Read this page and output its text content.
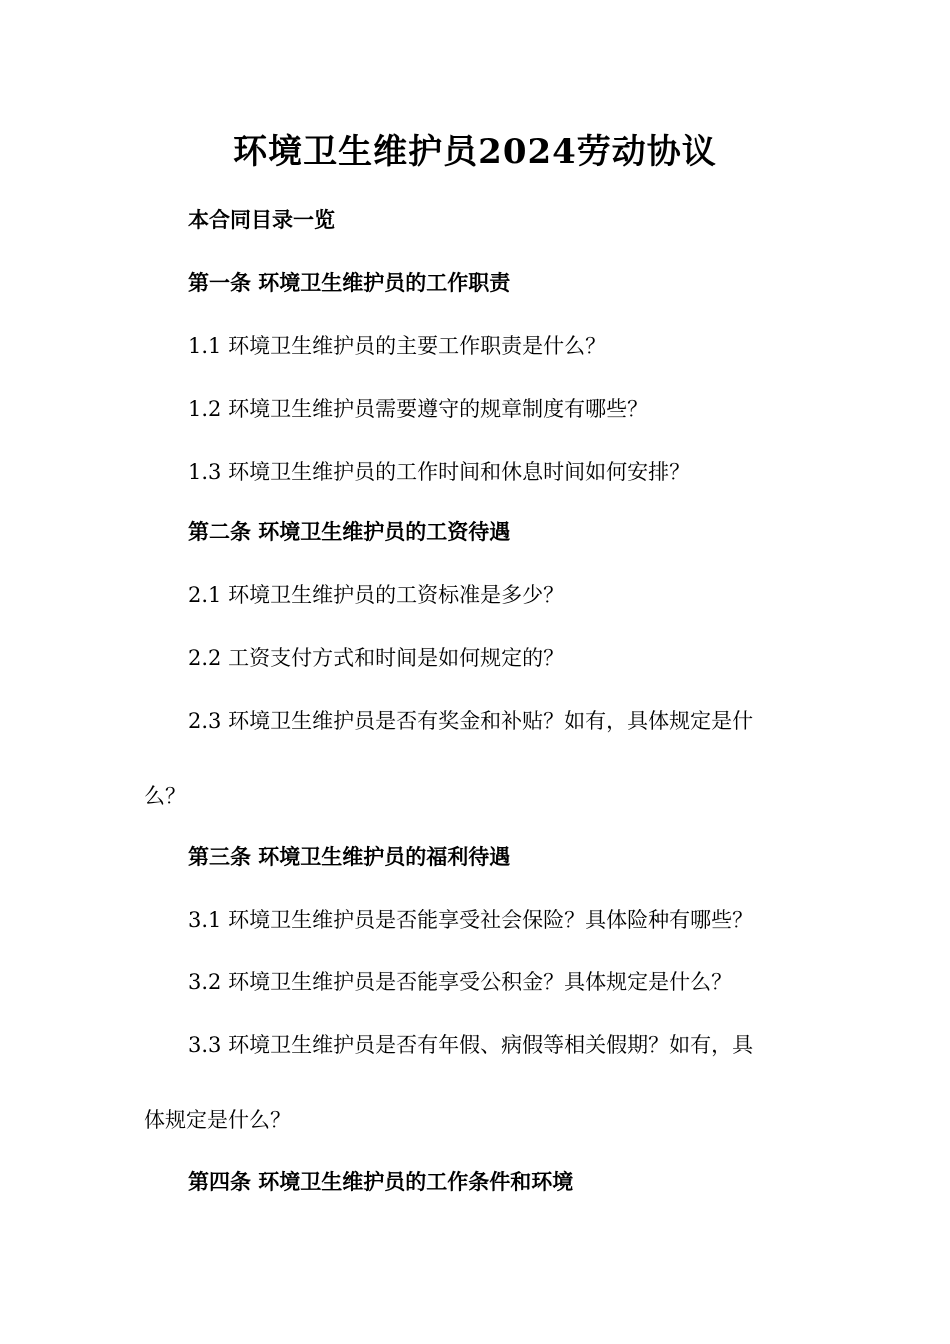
环境卫生维护员2024劳动协议
本合同目录一览
第一条 环境卫生维护员的工作职责
1.1 环境卫生维护员的主要工作职责是什么？
1.2 环境卫生维护员需要遵守的规章制度有哪些？
1.3 环境卫生维护员的工作时间和休息时间如何安排？
第二条 环境卫生维护员的工资待遇
2.1 环境卫生维护员的工资标准是多少？
2.2 工资支付方式和时间是如何规定的？
2.3 环境卫生维护员是否有奖金和补贴？如有，具体规定是什
么？
第三条 环境卫生维护员的福利待遇
3.1 环境卫生维护员是否能享受社会保险？具体险种有哪些？
3.2 环境卫生维护员是否能享受公积金？具体规定是什么？
3.3 环境卫生维护员是否有年假、病假等相关假期？如有，具
体规定是什么？
第四条 环境卫生维护员的工作条件和环境
